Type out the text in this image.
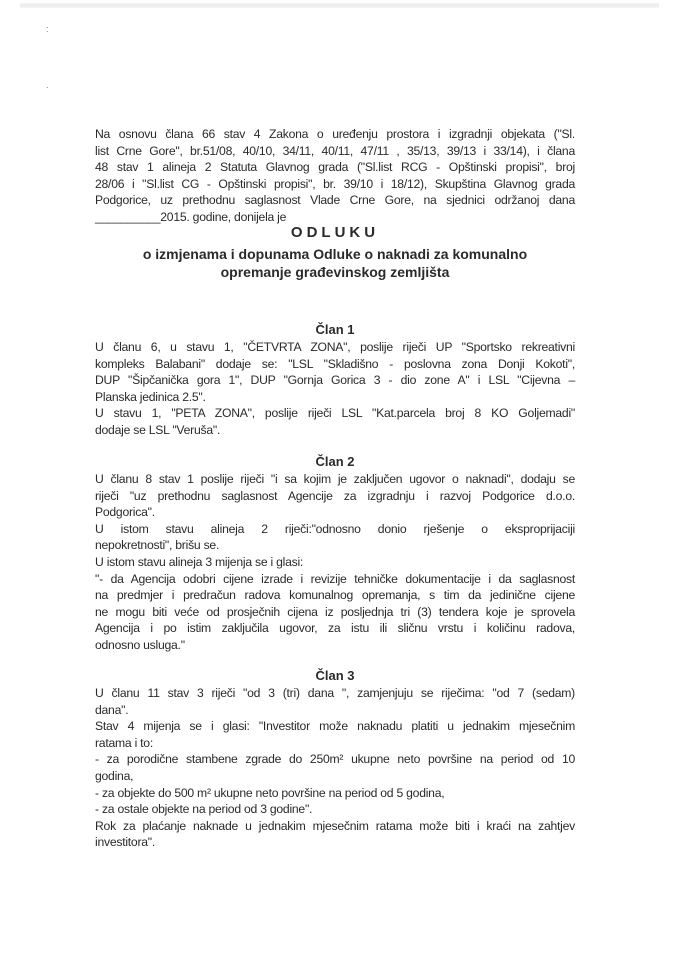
:
.
Na osnovu člana 66 stav 4 Zakona o uređenju prostora i izgradnji objekata ("Sl.
list Crne Gore", br.51/08, 40/10, 34/11, 40/11, 47/11 , 35/13, 39/13 i 33/14), i člana
48 stav 1 alineja 2 Statuta Glavnog grada ("Sl.list RCG - Opštinski propisi", broj
28/06 i "Sl.list CG - Opštinski propisi", br. 39/10 i 18/12), Skupština Glavnog grada
Podgorice, uz prethodnu saglasnost Vlade Crne Gore, na sjednici održanoj dana
__________2015. godine, donijela je
ODLUKU
o izmjenama i dopunama Odluke o naknadi za komunalno
opremanje građevinskog zemljišta
Član 1
U članu 6, u stavu 1, "ČETVRTA ZONA", poslije riječi UP "Sportsko rekreativni
kompleks Balabani" dodaje se: "LSL "Skladišno - poslovna zona Donji Kokoti",
DUP "Šipčanička gora 1", DUP "Gornja Gorica 3 - dio zone A" i LSL "Cijevna –
Planska jedinica 2.5".
U stavu 1, "PETA ZONA", poslije riječi LSL "Kat.parcela broj 8 KO Goljemadi"
dodaje se LSL "Veruša".
Član 2
U članu 8 stav 1 poslije riječi "i sa kojim je zaključen ugovor o naknadi", dodaju se
riječi "uz prethodnu saglasnost Agencije za izgradnju i razvoj Podgorice d.o.o.
Podgorica".
U istom stavu alineja 2 riječi:"odnosno donio rješenje o eksproprijaciji
nepokretnosti", brišu se.
U istom stavu alineja 3 mijenja se i glasi:
"- da Agencija odobri cijene izrade i revizije tehničke dokumentacije i da saglasnost
na predmjer i predračun radova komunalnog opremanja, s tim da jedinične cijene
ne mogu biti veće od prosječnih cijena iz posljednja tri (3) tendera koje je sprovela
Agencija i po istim zaključila ugovor, za istu ili sličnu vrstu i količinu radova,
odnosno usluga."
Član 3
U članu 11 stav 3 riječi "od 3 (tri) dana ", zamjenjuju se riječima: "od 7 (sedam)
dana".
Stav 4 mijenja se i glasi: "Investitor može naknadu platiti u jednakim mjesečnim
ratama i to:
- za porodične stambene zgrade do 250m² ukupne neto površine na period od 10
godina,
- za objekte do 500 m² ukupne neto površine na period od 5 godina,
- za ostale objekte na period od 3 godine".
Rok za plaćanje naknade u jednakim mjesečnim ratama može biti i kraći na zahtjev
investitora".
